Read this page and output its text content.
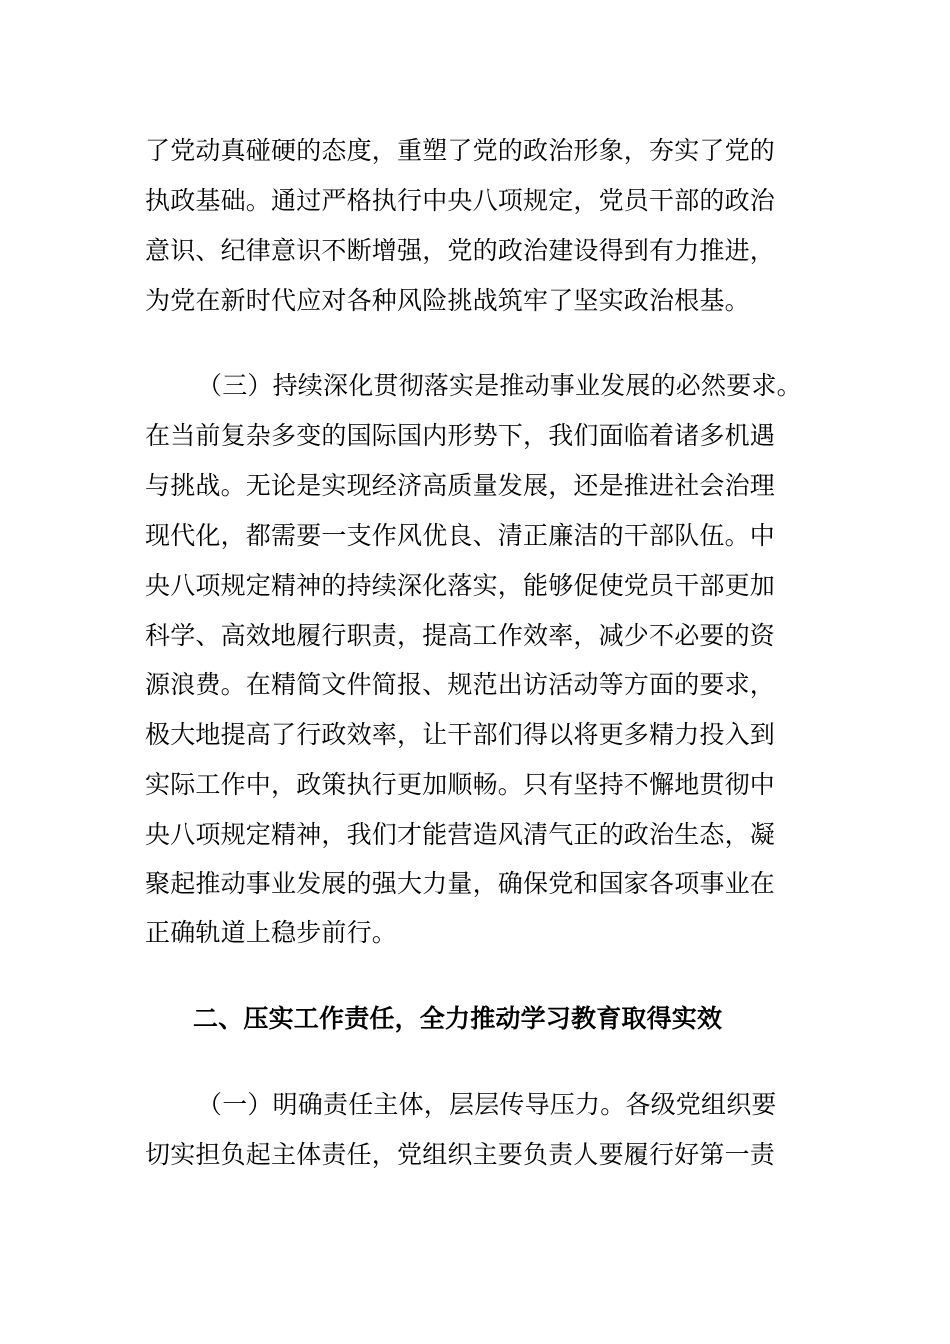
了党动真碰硬的态度，重塑了党的政治形象，夯实了党的
执政基础。通过严格执行中央八项规定，党员干部的政治
意识、纪律意识不断增强，党的政治建设得到有力推进，
为党在新时代应对各种风险挑战筑牢了坚实政治根基。
（三）持续深化贯彻落实是推动事业发展的必然要求。
在当前复杂多变的国际国内形势下，我们面临着诸多机遇
与挑战。无论是实现经济高质量发展，还是推进社会治理
现代化，都需要一支作风优良、清正廉洁的干部队伍。中
央八项规定精神的持续深化落实，能够促使党员干部更加
科学、高效地履行职责，提高工作效率，减少不必要的资
源浪费。在精简文件简报、规范出访活动等方面的要求，
极大地提高了行政效率，让干部们得以将更多精力投入到
实际工作中，政策执行更加顺畅。只有坚持不懈地贯彻中
央八项规定精神，我们才能营造风清气正的政治生态，凝
聚起推动事业发展的强大力量，确保党和国家各项事业在
正确轨道上稳步前行。
二、压实工作责任，全力推动学习教育取得实效
（一）明确责任主体，层层传导压力。各级党组织要
切实担负起主体责任，党组织主要负责人要履行好第一责
